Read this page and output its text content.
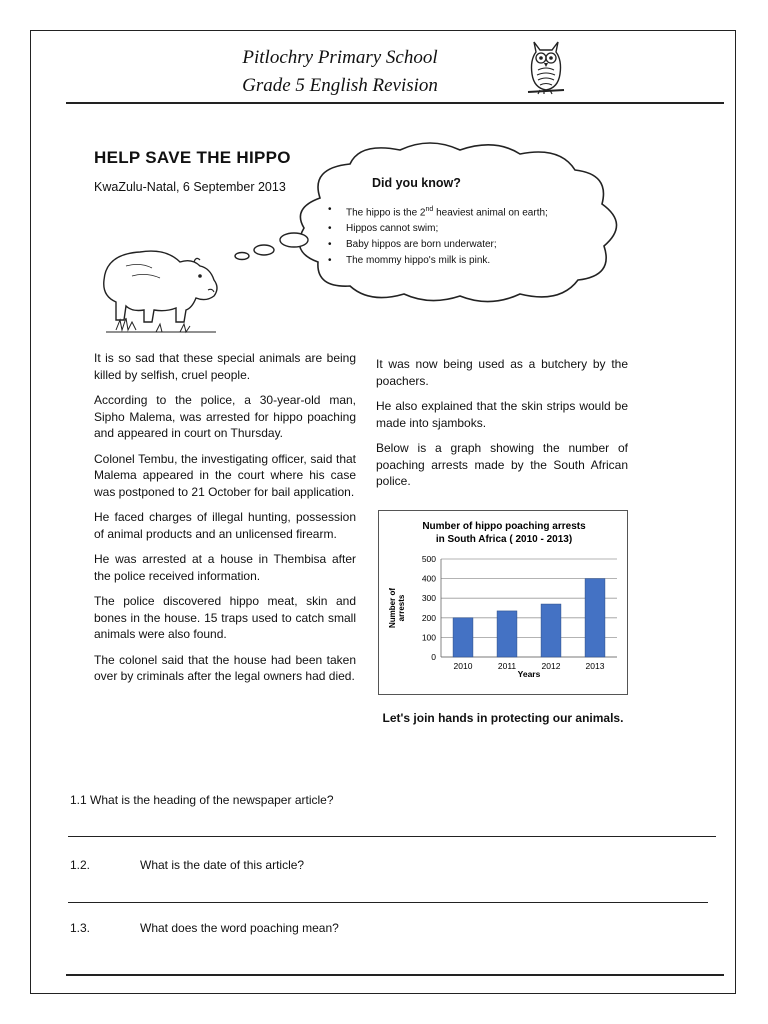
Pitlochry Primary School
Grade 5 English Revision
HELP SAVE THE HIPPO
KwaZulu-Natal, 6 September 2013	Did you know?
• The hippo is the 2nd heaviest animal on earth;
• Hippos cannot swim;
• Baby hippos are born underwater;
• The mommy hippo's milk is pink.

It is so sad that these special animals are being killed by selfish, cruel people.

According to the police, a 30-year-old man, Sipho Malema, was arrested for hippo poaching and appeared in court on Thursday.

Colonel Tembu, the investigating officer, said that Malema appeared in the court where his case was postponed to 21 October for bail application.

He faced charges of illegal hunting, possession of animal products and an unlicensed firearm.

He was arrested at a house in Thembisa after the police received information.

The police discovered hippo meat, skin and bones in the house. 15 traps used to catch small animals were also found.

The colonel said that the house had been taken over by criminals after the legal owners had died.

It was now being used as a butchery by the poachers.

He also explained that the skin strips would be made into sjamboks.

Below is a graph showing the number of poaching arrests made by the South African police.

Number of hippo poaching arrests
in South Africa ( 2010 - 2013)
0
100
200
300
400
500
2010	2011	2012	2013
Years
Number of arrests
Let's join hands in protecting our animals.
1.1 What is the heading of the newspaper article?
1.2.	What is the date of this article?
1.3.	What does the word poaching mean?
